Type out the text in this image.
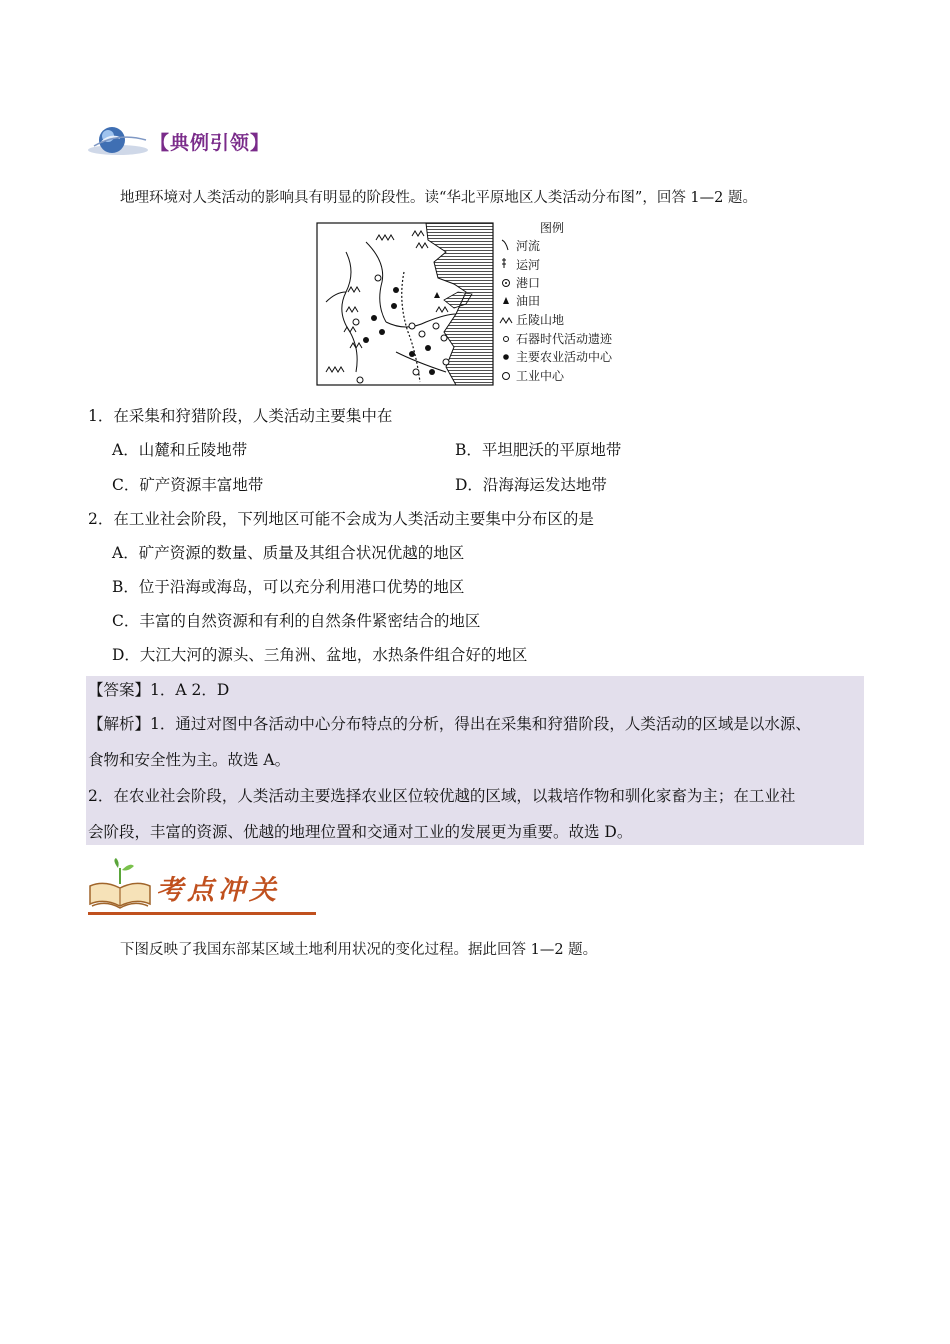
【典例引领】
地理环境对人类活动的影响具有明显的阶段性。读“华北平原地区人类活动分布图”，回答 1—2 题。
图例
河流
运河
港口
油田
丘陵山地
石器时代活动遗迹
主要农业活动中心
工业中心
1．在采集和狩猎阶段，人类活动主要集中在
A．山麓和丘陵地带	B．平坦肥沃的平原地带
C．矿产资源丰富地带	D．沿海海运发达地带
2．在工业社会阶段，下列地区可能不会成为人类活动主要集中分布区的是
A．矿产资源的数量、质量及其组合状况优越的地区
B．位于沿海或海岛，可以充分利用港口优势的地区
C．丰富的自然资源和有利的自然条件紧密结合的地区
D．大江大河的源头、三角洲、盆地，水热条件组合好的地区
【答案】1．A 2．D
【解析】1．通过对图中各活动中心分布特点的分析，得出在采集和狩猎阶段，人类活动的区域是以水源、
食物和安全性为主。故选 A。
2．在农业社会阶段，人类活动主要选择农业区位较优越的区域，以栽培作物和驯化家畜为主；在工业社
会阶段，丰富的资源、优越的地理位置和交通对工业的发展更为重要。故选 D。
考点冲关
下图反映了我国东部某区域土地利用状况的变化过程。据此回答 1—2 题。
